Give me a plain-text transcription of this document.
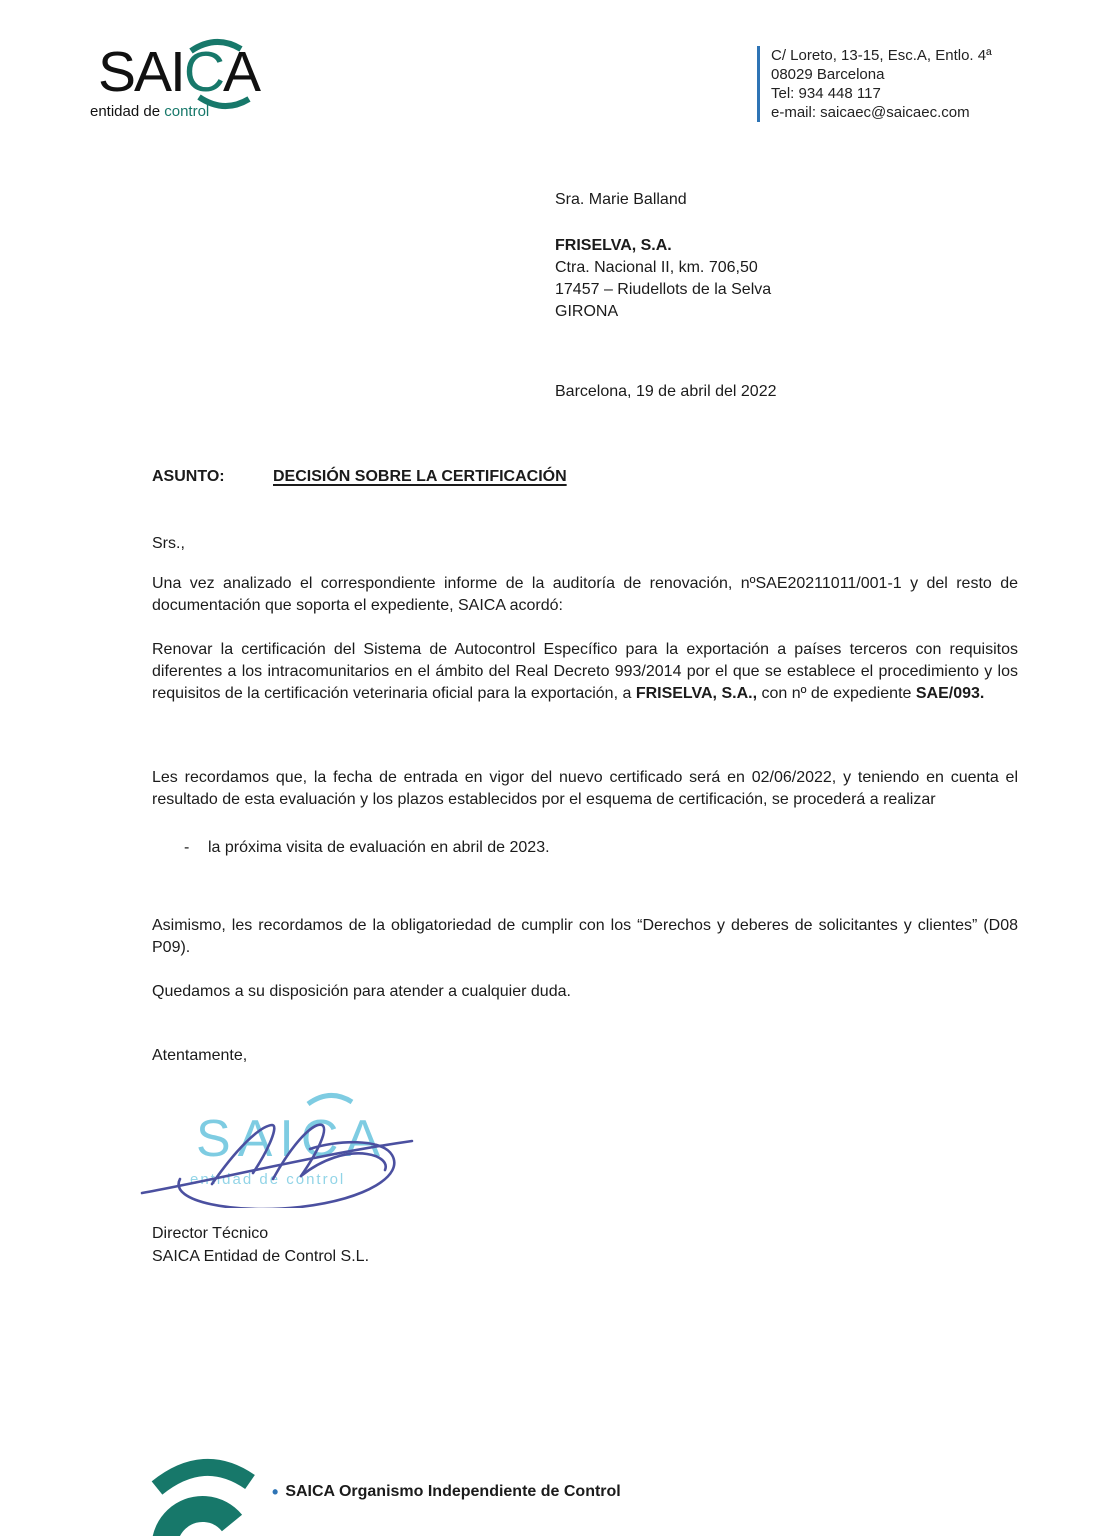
SAICA
entidad de control
C/ Loreto, 13-15, Esc.A, Entlo. 4ª
08029 Barcelona
Tel: 934 448 117
e-mail: saicaec@saicaec.com
Sra. Marie Balland
FRISELVA, S.A.
Ctra. Nacional II, km. 706,50
17457 – Riudellots de la Selva
GIRONA
Barcelona, 19 de abril del 2022
ASUNTO:	DECISIÓN SOBRE LA CERTIFICACIÓN
Srs.,
Una vez analizado el correspondiente informe de la auditoría de renovación, nºSAE20211011/001-1 y del resto de documentación que soporta el expediente, SAICA acordó:
Renovar la certificación del Sistema de Autocontrol Específico para la exportación a países terceros con requisitos diferentes a los intracomunitarios en el ámbito del Real Decreto 993/2014 por el que se establece el procedimiento y los requisitos de la certificación veterinaria oficial para la exportación, a FRISELVA, S.A., con nº de expediente SAE/093.
Les recordamos que, la fecha de entrada en vigor del nuevo certificado será en 02/06/2022, y teniendo en cuenta el resultado de esta evaluación y los plazos establecidos por el esquema de certificación, se procederá a realizar
-	la próxima visita de evaluación en abril de 2023.
Asimismo, les recordamos de la obligatoriedad de cumplir con los “Derechos y deberes de solicitantes y clientes” (D08 P09).
Quedamos a su disposición para atender a cualquier duda.
Atentamente,
SAICA
entidad de control
Director Técnico
SAICA Entidad de Control S.L.
• SAICA Organismo Independiente de Control
